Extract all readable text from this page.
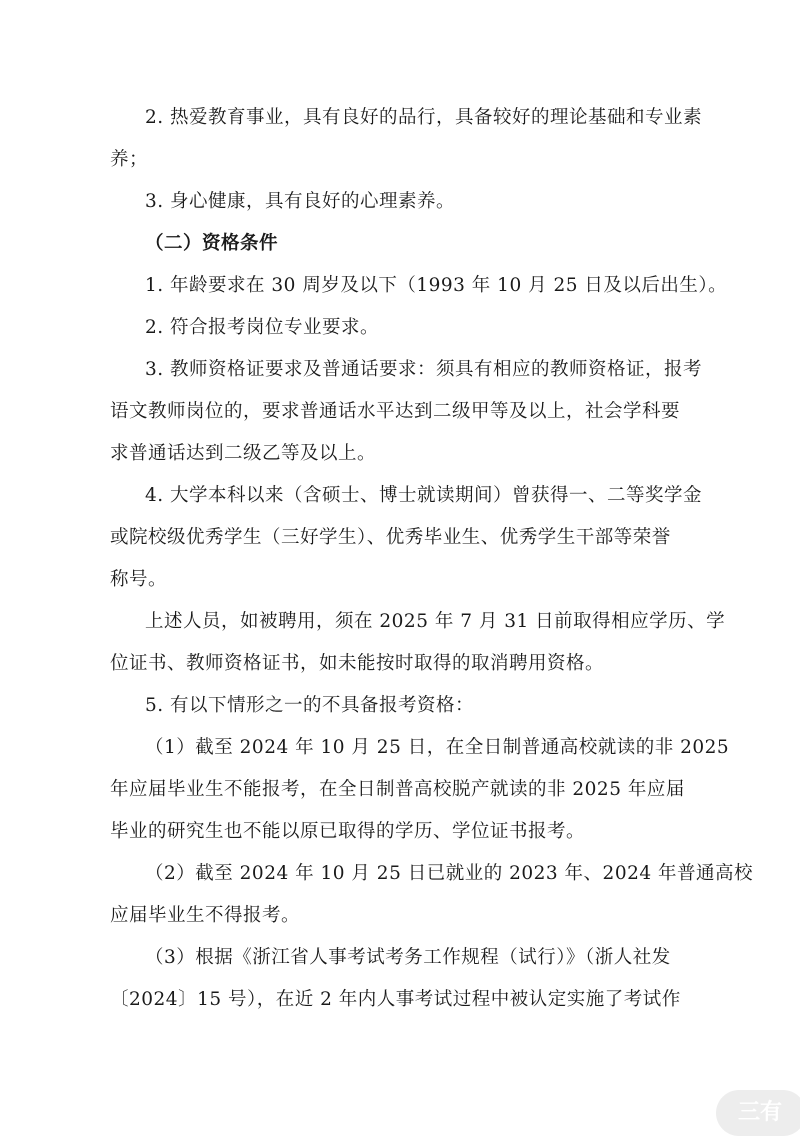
2. 热爱教育事业，具有良好的品行，具备较好的理论基础和专业素
养；
3. 身心健康，具有良好的心理素养。
（二）资格条件
1. 年龄要求在 30 周岁及以下（1993 年 10 月 25 日及以后出生）。
2. 符合报考岗位专业要求。
3. 教师资格证要求及普通话要求：须具有相应的教师资格证，报考
语文教师岗位的，要求普通话水平达到二级甲等及以上，社会学科要
求普通话达到二级乙等及以上。
4. 大学本科以来（含硕士、博士就读期间）曾获得一、二等奖学金
或院校级优秀学生（三好学生）、优秀毕业生、优秀学生干部等荣誉
称号。
上述人员，如被聘用，须在 2025 年 7 月 31 日前取得相应学历、学
位证书、教师资格证书，如未能按时取得的取消聘用资格。
5. 有以下情形之一的不具备报考资格：
（1）截至 2024 年 10 月 25 日，在全日制普通高校就读的非 2025
年应届毕业生不能报考，在全日制普高校脱产就读的非 2025 年应届
毕业的研究生也不能以原已取得的学历、学位证书报考。
（2）截至 2024 年 10 月 25 日已就业的 2023 年、2024 年普通高校
应届毕业生不得报考。
（3）根据《浙江省人事考试考务工作规程（试行）》（浙人社发
〔2024〕15 号），在近 2 年内人事考试过程中被认定实施了考试作
三有
